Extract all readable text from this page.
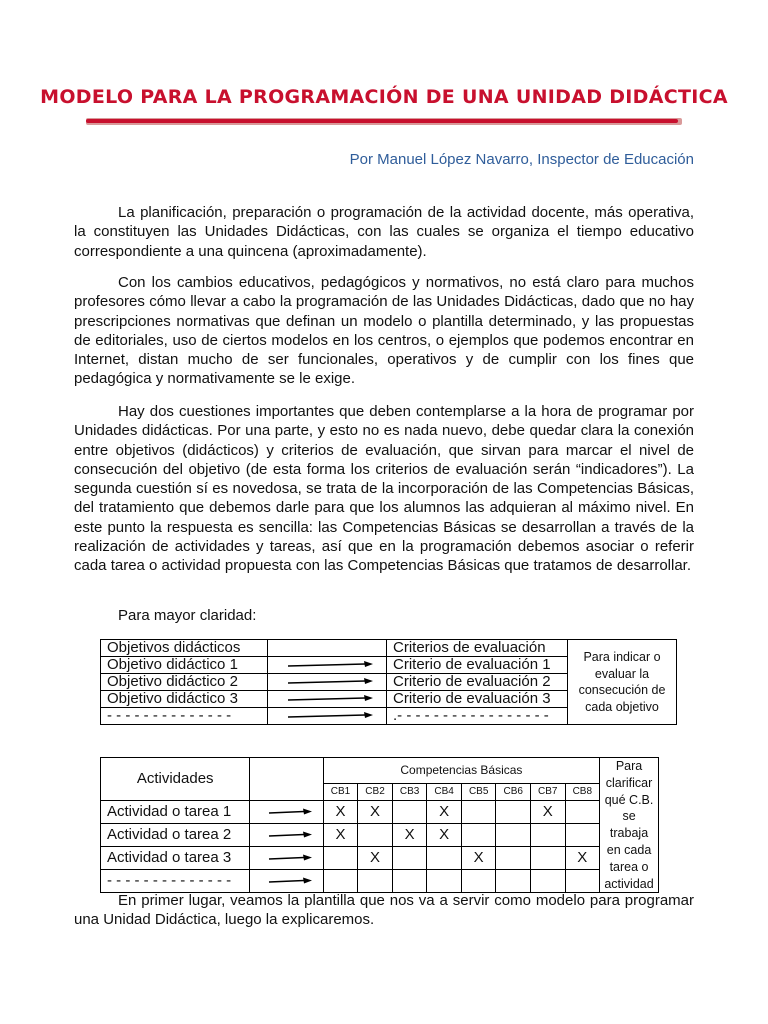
MODELO PARA LA PROGRAMACIÓN DE UNA UNIDAD DIDÁCTICA
Por Manuel López Navarro, Inspector de Educación

La planificación, preparación o programación de la actividad docente, más operativa, la constituyen las Unidades Didácticas, con las cuales se organiza el tiempo educativo correspondiente a una quincena (aproximadamente).

Con los cambios educativos, pedagógicos y normativos, no está claro para muchos profesores cómo llevar a cabo la programación de las Unidades Didácticas, dado que no hay prescripciones normativas que definan un modelo o plantilla determinado, y las propuestas de editoriales, uso de ciertos modelos en los centros, o ejemplos que podemos encontrar en Internet, distan mucho de ser funcionales, operativos y de cumplir con los fines que pedagógica y normativamente se le exige.

Hay dos cuestiones importantes que deben contemplarse a la hora de programar por Unidades didácticas. Por una parte, y esto no es nada nuevo, debe quedar clara la conexión entre objetivos (didácticos) y criterios de evaluación, que sirvan para marcar el nivel de consecución del objetivo (de esta forma los criterios de evaluación serán “indicadores”). La segunda cuestión sí es novedosa, se trata de la incorporación de las Competencias Básicas, del tratamiento que debemos darle para que los alumnos las adquieran al máximo nivel. En este punto la respuesta es sencilla: las Competencias Básicas se desarrollan a través de la realización de actividades y tareas, así que en la programación debemos asociar o referir cada tarea o actividad propuesta con las Competencias Básicas que tratamos de desarrollar.

Para mayor claridad:

Objetivos didácticos		Criterios de evaluación	Para indicar o evaluar la consecución de cada objetivo
Objetivo didáctico 1		Criterio de evaluación 1	
Objetivo didáctico 2		Criterio de evaluación 2	
Objetivo didáctico 3		Criterio de evaluación 3	
- - - - - - - - - - - - - -		.- - - - - - - - - - - - - - - - -	
Actividades		Competencias Básicas								Para clarificar qué C.B. se trabaja en cada tarea o actividad
		CB1	CB2	CB3	CB4	CB5	CB6	CB7	CB8	
Actividad o tarea 1		X	X		X			X		
Actividad o tarea 2		X		X	X					
Actividad o tarea 3			X			X			X	
- - - - - - - - - - - - - -	

En primer lugar, veamos la plantilla que nos va a servir como modelo para programar una Unidad Didáctica, luego la explicaremos.
